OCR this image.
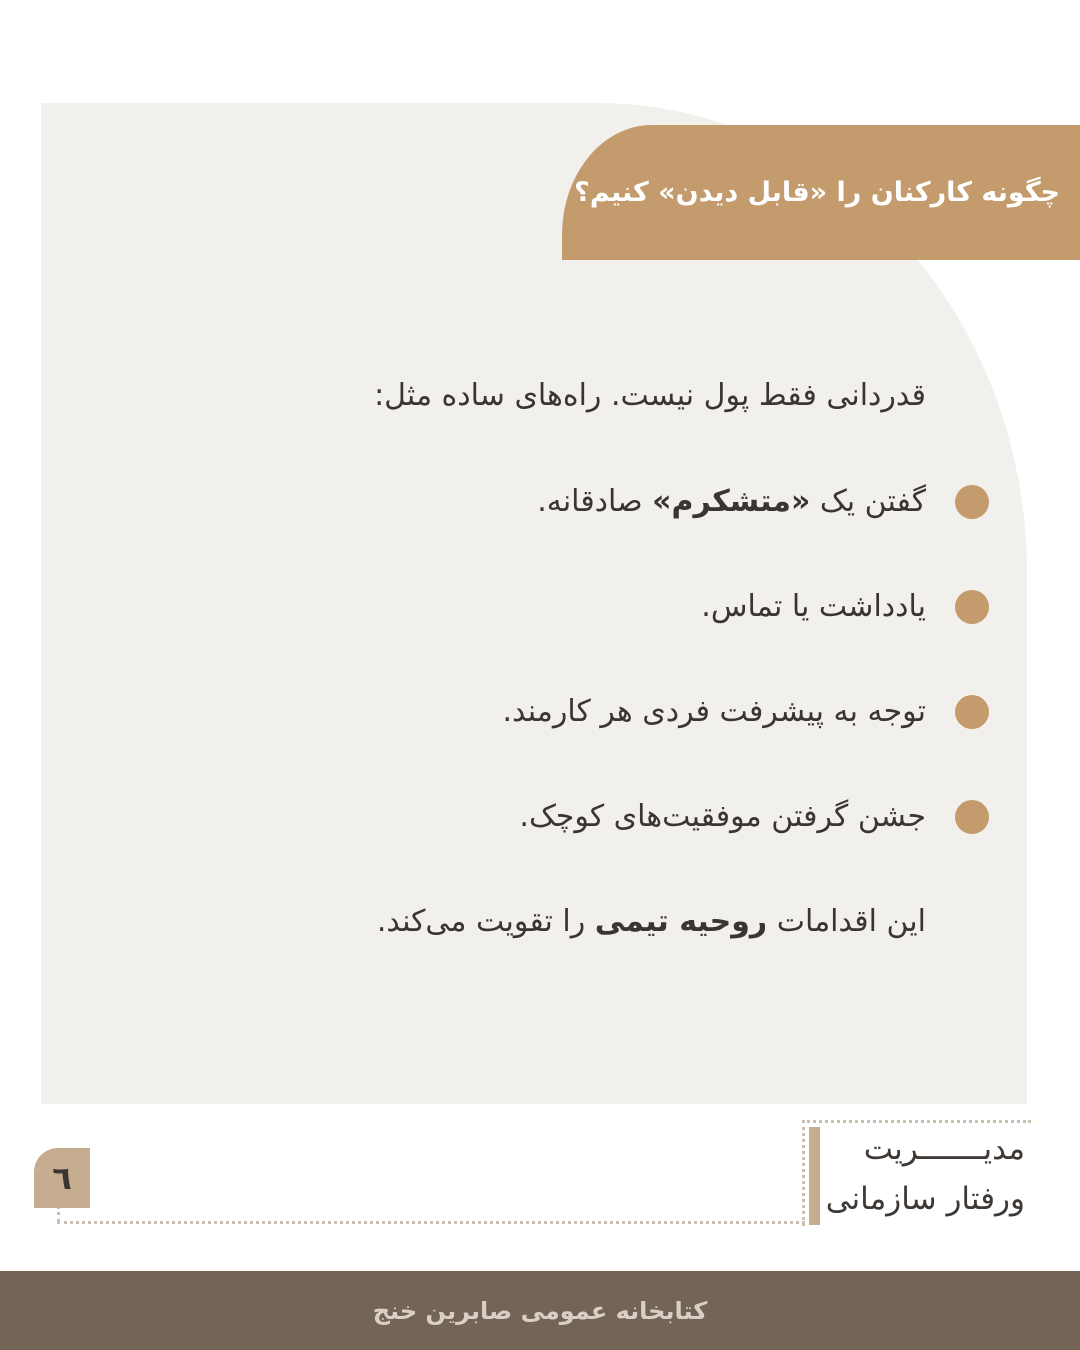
چگونه کارکنان را «قابل دیدن» کنیم؟

قدردانی فقط پول نیست. راه‌های ساده مثل:

گفتن یک «متشکرم» صادقانه.
یادداشت یا تماس.
توجه به پیشرفت فردی هر کارمند.
جشن گرفتن موفقیت‌های کوچک.

این اقدامات روحیه تیمی را تقویت می‌کند.

مدیـــــــریت
ورفتار سازمانی
٦
کتابخانه عمومی صابرین خنج
